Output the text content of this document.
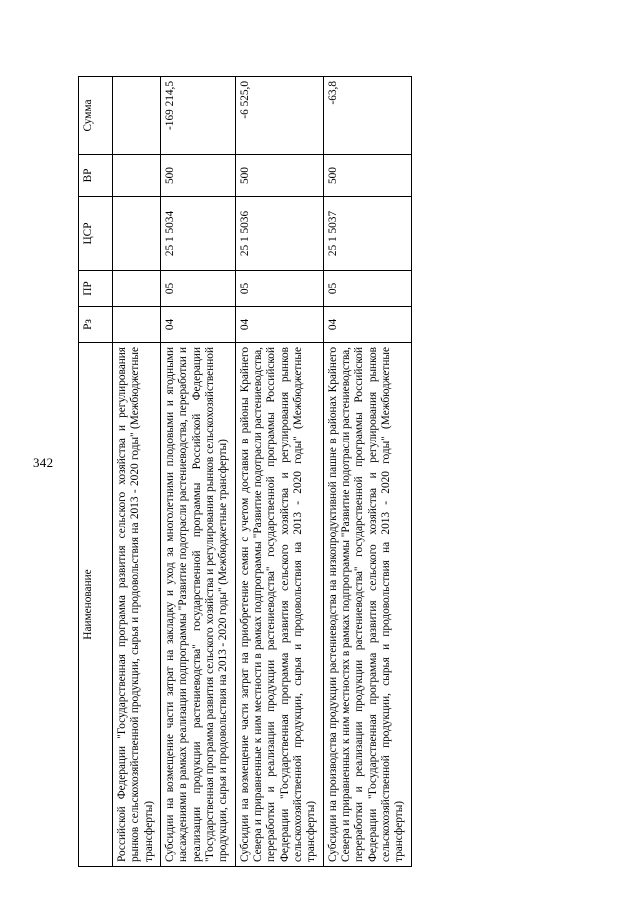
342
Наименование	Рз	ПР	ЦСР	ВР	Сумма
Российской Федерации "Государственная программа развития сельского хозяйства и регулирования рынков сельскохозяйственной продукции, сырья и продовольствия на 2013 - 2020 годы" (Межбюджетные трансферты)					
Субсидии на возмещение части затрат на закладку и уход за многолетними плодовыми и ягодными насаждениями в рамках реализации подпрограммы "Развитие подотрасли растениеводства, переработки и реализации продукции растениеводства" государственной программы Российской Федерации "Государственная программа развития сельского хозяйства и регулирования рынков сельскохозяйственной продукции, сырья и продовольствия на 2013 - 2020 годы" (Межбюджетные трансферты)	04	05	25 1 5034	500	-169 214,5
Субсидии на возмещение части затрат на приобретение семян с учетом доставки в районы Крайнего Севера и приравненные к ним местности в рамках подпрограммы "Развитие подотрасли растениеводства, переработки и реализации продукции растениеводства" государственной программы Российской Федерации "Государственная программа развития сельского хозяйства и регулирования рынков сельскохозяйственной продукции, сырья и продовольствия на 2013 - 2020 годы" (Межбюджетные трансферты)	04	05	25 1 5036	500	-6 525,0
Субсидии на производства продукции растениеводства на низкопродуктивной пашне в районах Крайнего Севера и приравненных к ним местностях в рамках подпрограммы "Развитие подотрасли растениеводства, переработки и реализации продукции растениеводства" государственной программы Российской Федерации "Государственная программа развития сельского хозяйства и регулирования рынков сельскохозяйственной продукции, сырья и продовольствия на 2013 - 2020 годы" (Межбюджетные трансферты)	04	05	25 1 5037	500	-63,8
